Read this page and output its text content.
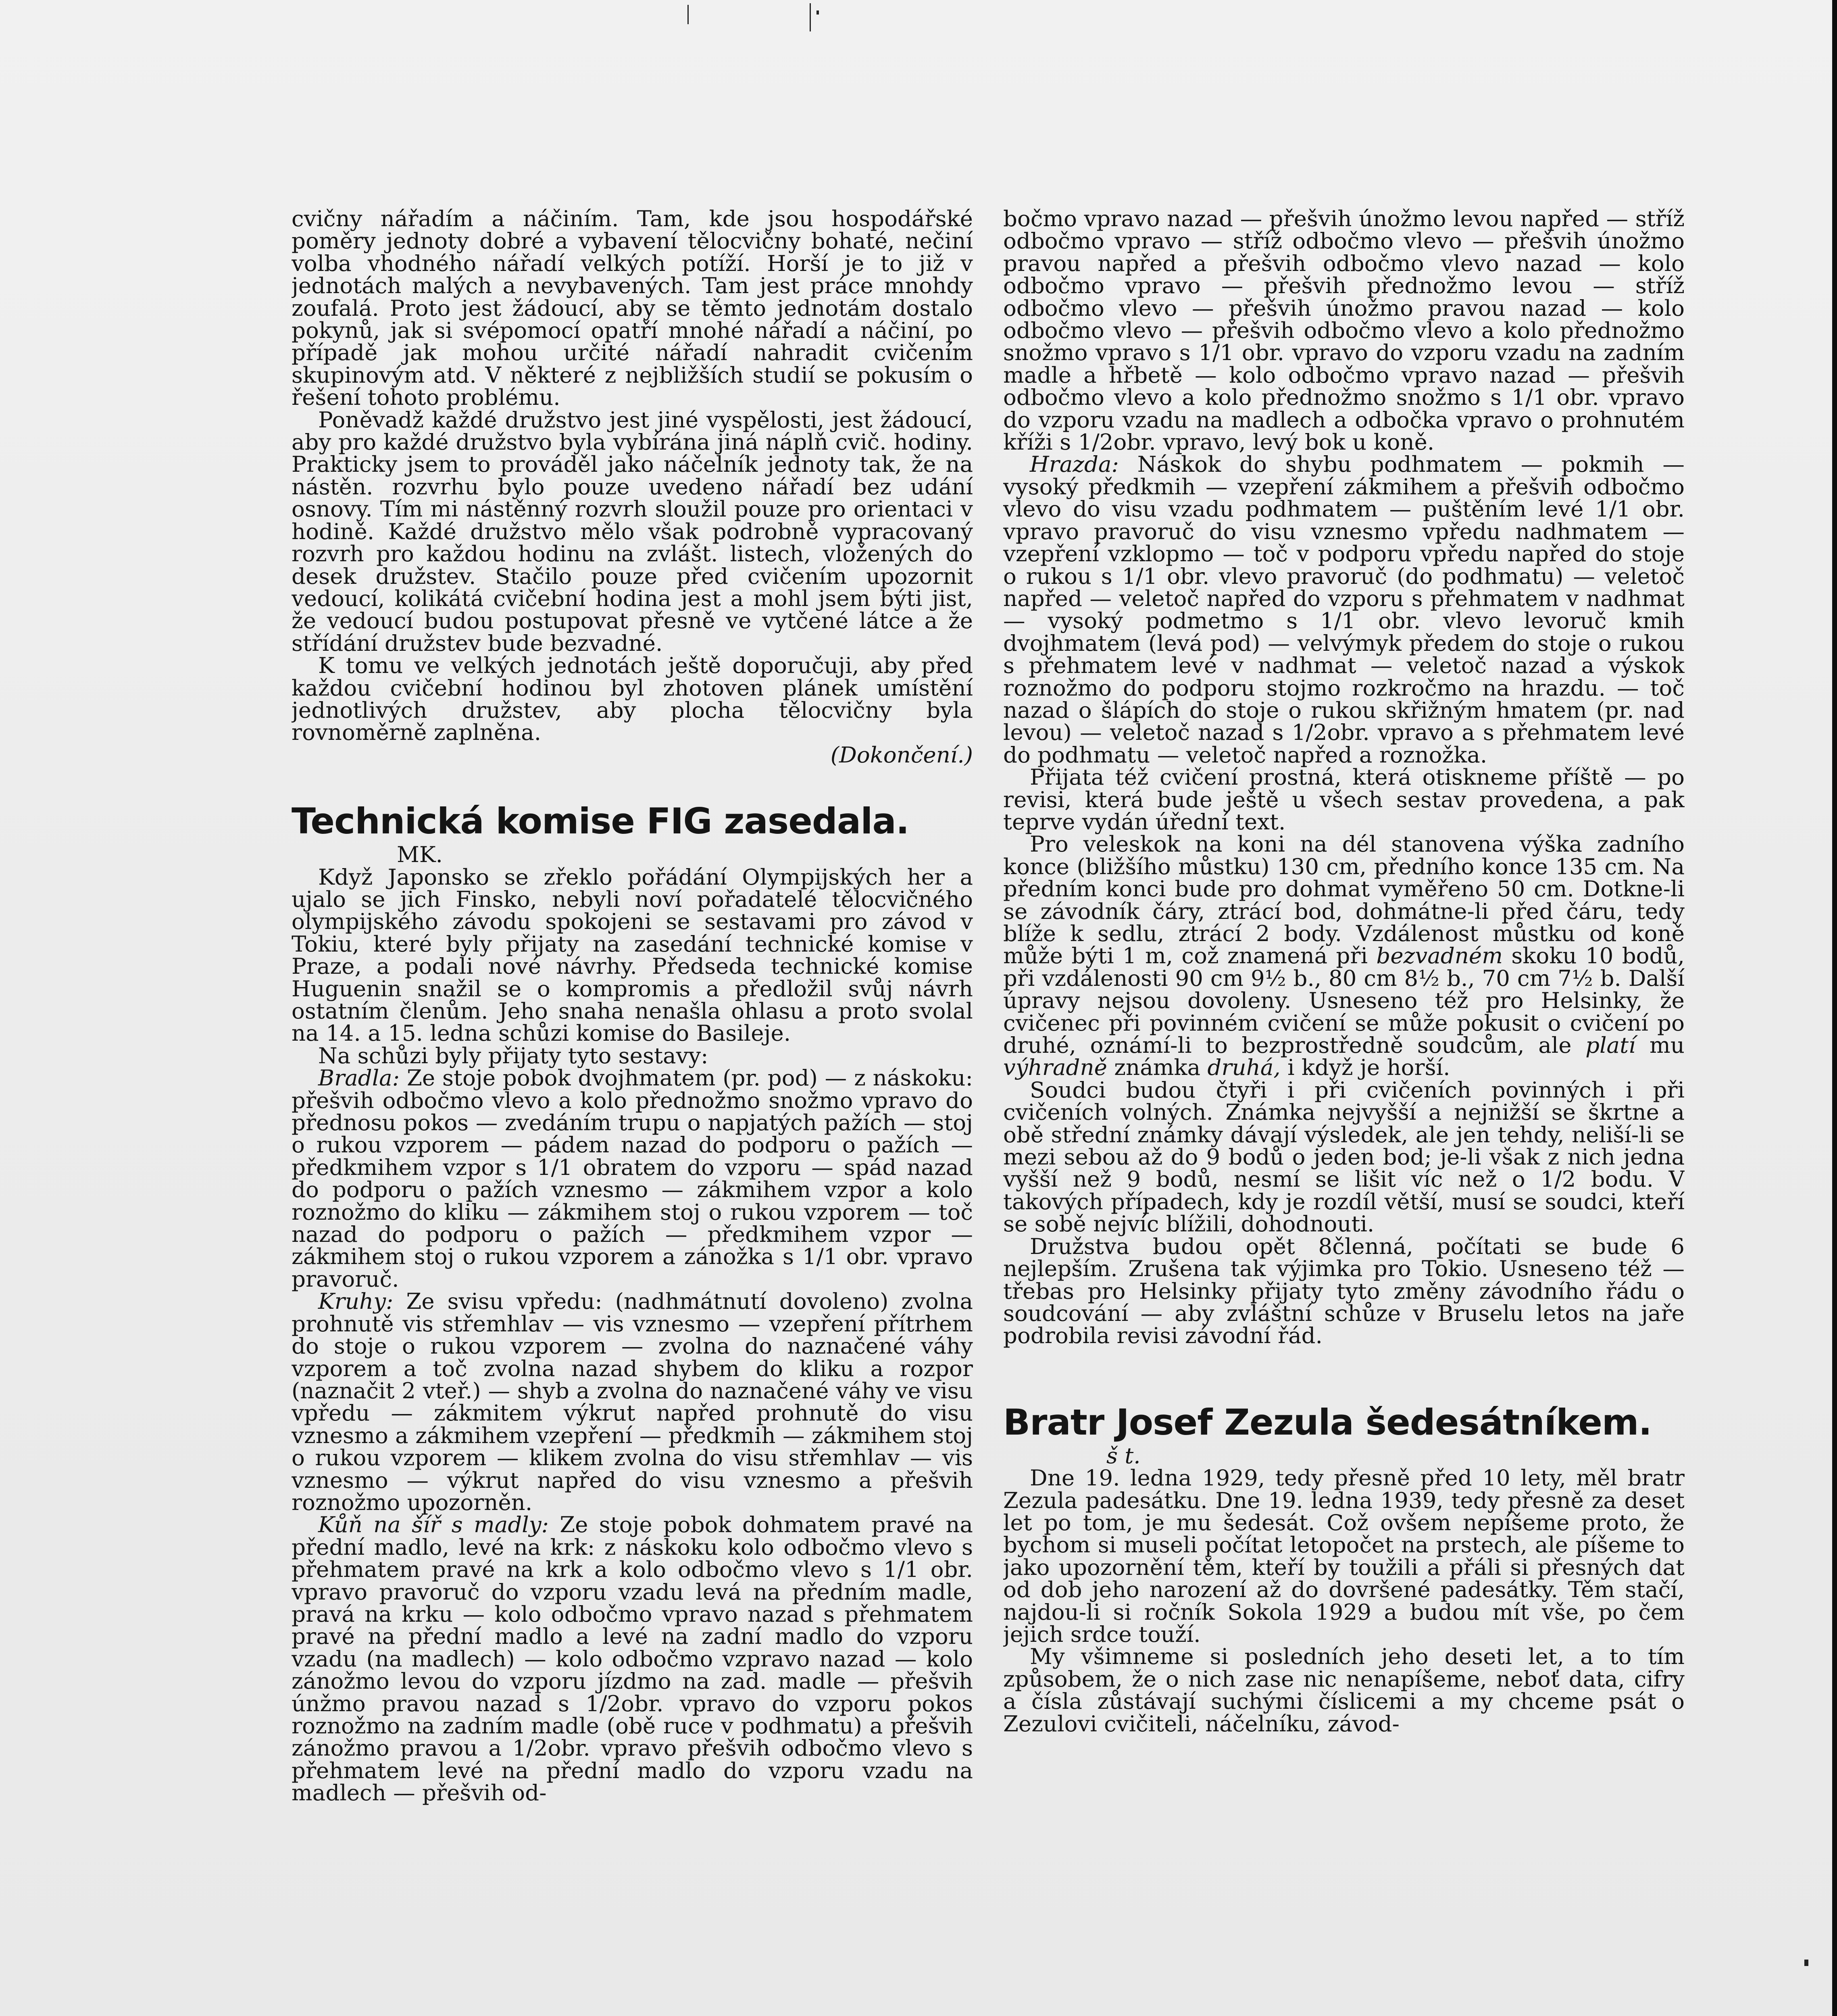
cvičny nářadím a náčiním. Tam, kde jsou hospodářské poměry jednoty dobré a vybavení tělocvičny bohaté, nečiní volba vhodného nářadí velkých potíží. Horší je to již v jednotách malých a nevybavených. Tam jest práce mnohdy zoufalá. Proto jest žádoucí, aby se těmto jednotám dostalo pokynů, jak si svépomocí opatří mnohé nářadí a náčiní, po případě jak mohou určité nářadí nahradit cvičením skupinovým atd. V některé z nejbližších studií se pokusím o řešení tohoto problému.

Poněvadž každé družstvo jest jiné vyspělosti, jest žádoucí, aby pro každé družstvo byla vybírána jiná náplň cvič. hodiny. Prakticky jsem to prováděl jako náčelník jednoty tak, že na nástěn. rozvrhu bylo pouze uvedeno nářadí bez udání osnovy. Tím mi nástěnný rozvrh sloužil pouze pro orientaci v hodině. Každé družstvo mělo však podrobně vypracovaný rozvrh pro každou hodinu na zvlášt. listech, vložených do desek družstev. Stačilo pouze před cvičením upozornit vedoucí, kolikátá cvičební hodina jest a mohl jsem býti jist, že vedoucí budou postupovat přesně ve vytčené látce a že střídání družstev bude bezvadné.

K tomu ve velkých jednotách ještě doporučuji, aby před každou cvičební hodinou byl zhotoven plánek umístění jednotlivých družstev, aby plocha tělocvičny byla rovnoměrně zaplněna.

(Dokončení.)
Technická komise FIG zasedala.

MK.

Když Japonsko se zřeklo pořádání Olympijských her a ujalo se jich Finsko, nebyli noví pořadatelé tělocvičného olympijského závodu spokojeni se sestavami pro závod v Tokiu, které byly přijaty na zasedání technické komise v Praze, a podali nové návrhy. Předseda technické komise Huguenin snažil se o kompromis a předložil svůj návrh ostatním členům. Jeho snaha nenašla ohlasu a proto svolal na 14. a 15. ledna schůzi komise do Basileje.

Na schůzi byly přijaty tyto sestavy:

Bradla: Ze stoje pobok dvojhmatem (pr. pod) — z náskoku: přešvih odbočmo vlevo a kolo přednožmo snožmo vpravo do přednosu pokos — zvedáním trupu o napjatých pažích — stoj o rukou vzporem — pádem nazad do podporu o pažích — předkmihem vzpor s 1/1 obratem do vzporu — spád nazad do podporu o pažích vznesmo — zákmihem vzpor a kolo roznožmo do kliku — zákmihem stoj o rukou vzporem — toč nazad do podporu o pažích — předkmihem vzpor — zákmihem stoj o rukou vzporem a zánožka s 1/1 obr. vpravo pravoruč.

Kruhy: Ze svisu vpředu: (nadhmátnutí dovoleno) zvolna prohnutě vis střemhlav — vis vznesmo — vzepření přítrhem do stoje o rukou vzporem — zvolna do naznačené váhy vzporem a toč zvolna nazad shybem do kliku a rozpor (naznačit 2 vteř.) — shyb a zvolna do naznačené váhy ve visu vpředu — zákmitem výkrut napřed prohnutě do visu vznesmo a zákmihem vzepření — předkmih — zákmihem stoj o rukou vzporem — klikem zvolna do visu střemhlav — vis vznesmo — výkrut napřed do visu vznesmo a přešvih roznožmo upozorněn.

Kůň na šíř s madly: Ze stoje pobok dohmatem pravé na přední madlo, levé na krk: z náskoku kolo odbočmo vlevo s přehmatem pravé na krk a kolo odbočmo vlevo s 1/1 obr. vpravo pravoruč do vzporu vzadu levá na předním madle, pravá na krku — kolo odbočmo vpravo nazad s přehmatem pravé na přední madlo a levé na zadní madlo do vzporu vzadu (na madlech) — kolo odbočmo vzpravo nazad — kolo zánožmo levou do vzporu jízdmo na zad. madle — přešvih únžmo pravou nazad s 1/2obr. vpravo do vzporu pokos roznožmo na zadním madle (obě ruce v podhmatu) a přešvih zánožmo pravou a 1/2obr. vpravo přešvih odbočmo vlevo s přehmatem levé na přední madlo do vzporu vzadu na madlech — přešvih od-

bočmo vpravo nazad — přešvih únožmo levou napřed — stříž odbočmo vpravo — stříž odbočmo vlevo — přešvih únožmo pravou napřed a přešvih odbočmo vlevo nazad — kolo odbočmo vpravo — přešvih přednožmo levou — stříž odbočmo vlevo — přešvih únožmo pravou nazad — kolo odbočmo vlevo — přešvih odbočmo vlevo a kolo přednožmo snožmo vpravo s 1/1 obr. vpravo do vzporu vzadu na zadním madle a hřbetě — kolo odbočmo vpravo nazad — přešvih odbočmo vlevo a kolo přednožmo snožmo s 1/1 obr. vpravo do vzporu vzadu na madlech a odbočka vpravo o prohnutém kříži s 1/2obr. vpravo, levý bok u koně.

Hrazda: Náskok do shybu podhmatem — pokmih — vysoký předkmih — vzepření zákmihem a přešvih odbočmo vlevo do visu vzadu podhmatem — puštěním levé 1/1 obr. vpravo pravoruč do visu vznesmo vpředu nadhmatem — vzepření vzklopmo — toč v podporu vpředu napřed do stoje o rukou s 1/1 obr. vlevo pravoruč (do podhmatu) — veletoč napřed — veletoč napřed do vzporu s přehmatem v nadhmat — vysoký podmetmo s 1/1 obr. vlevo levoruč kmih dvojhmatem (levá pod) — velvýmyk předem do stoje o rukou s přehmatem levé v nadhmat — veletoč nazad a výskok roznožmo do podporu stojmo rozkročmo na hrazdu. — toč nazad o šlápích do stoje o rukou skřižným hmatem (pr. nad levou) — veletoč nazad s 1/2obr. vpravo a s přehmatem levé do podhmatu — veletoč napřed a roznožka.

Přijata též cvičení prostná, která otiskneme příště — po revisi, která bude ještě u všech sestav provedena, a pak teprve vydán úřední text.

Pro veleskok na koni na dél stanovena výška zadního konce (bližšího můstku) 130 cm, předního konce 135 cm. Na předním konci bude pro dohmat vyměřeno 50 cm. Dotkne-li se závodník čáry, ztrácí bod, dohmátne-li před čáru, tedy blíže k sedlu, ztrácí 2 body. Vzdálenost můstku od koně může býti 1 m, což znamená při bezvadném skoku 10 bodů, při vzdálenosti 90 cm 9½ b., 80 cm 8½ b., 70 cm 7½ b. Další úpravy nejsou dovoleny. Usneseno též pro Helsinky, že cvičenec při povinném cvičení se může pokusit o cvičení po druhé, oznámí-li to bezprostředně soudcům, ale platí mu výhradně známka druhá, i když je horší.

Soudci budou čtyři i při cvičeních povinných i při cvičeních volných. Známka nejvyšší a nejnižší se škrtne a obě střední známky dávají výsledek, ale jen tehdy, neliší-li se mezi sebou až do 9 bodů o jeden bod; je-li však z nich jedna vyšší než 9 bodů, nesmí se lišit víc než o 1/2 bodu. V takových případech, kdy je rozdíl větší, musí se soudci, kteří se sobě nejvíc blížili, dohodnouti.

Družstva budou opět 8členná, počítati se bude 6 nejlepším. Zrušena tak výjimka pro Tokio. Usneseno též — třebas pro Helsinky přijaty tyto změny závodního řádu o soudcování — aby zvláštní schůze v Bruselu letos na jaře podrobila revisi závodní řád.

Bratr Josef Zezula šedesátníkem.

š t.

Dne 19. ledna 1929, tedy přesně před 10 lety, měl bratr Zezula padesátku. Dne 19. ledna 1939, tedy přesně za deset let po tom, je mu šedesát. Což ovšem nepíšeme proto, že bychom si museli počítat letopočet na prstech, ale píšeme to jako upozornění těm, kteří by toužili a přáli si přesných dat od dob jeho narození až do dovršené padesátky. Těm stačí, najdou-li si ročník Sokola 1929 a budou mít vše, po čem jejich srdce touží.

My všimneme si posledních jeho deseti let, a to tím způsobem, že o nich zase nic nenapíšeme, neboť data, cifry a čísla zůstávají suchými číslicemi a my chceme psát o Zezulovi cvičiteli, náčelníku, závod-
